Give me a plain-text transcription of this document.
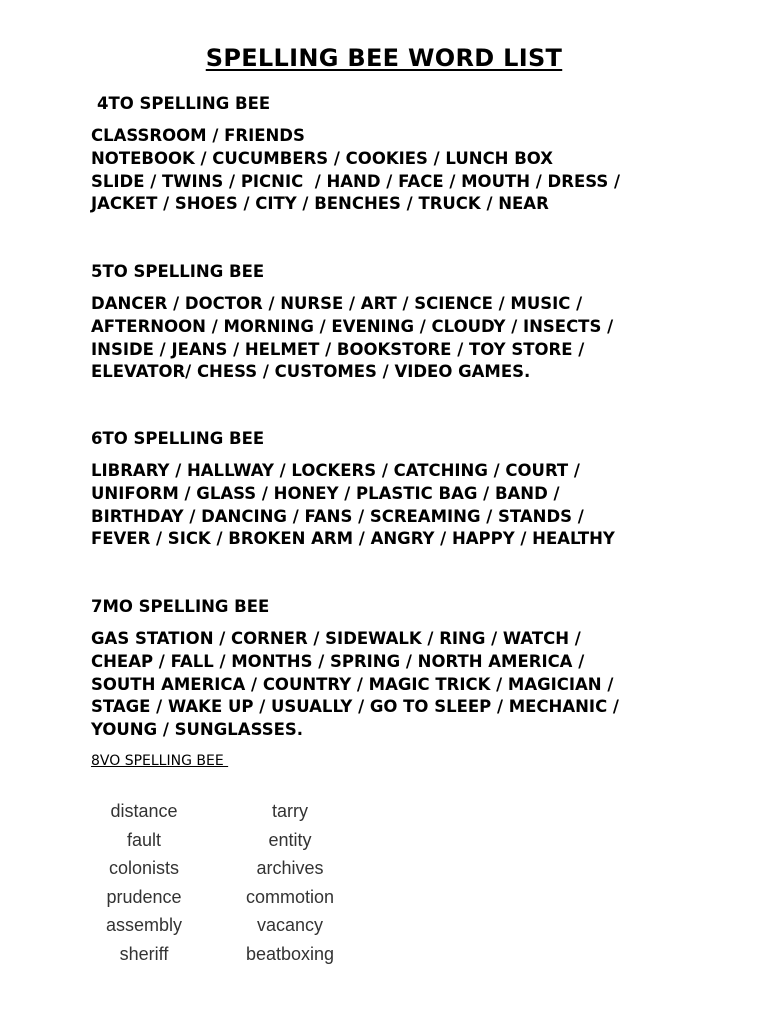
SPELLING BEE WORD LIST
4TO SPELLING BEE
CLASSROOM / FRIENDS
NOTEBOOK / CUCUMBERS / COOKIES / LUNCH BOX
SLIDE / TWINS / PICNIC  / HAND / FACE / MOUTH / DRESS /
JACKET / SHOES / CITY / BENCHES / TRUCK / NEAR
5TO SPELLING BEE
DANCER / DOCTOR / NURSE / ART / SCIENCE / MUSIC /
AFTERNOON / MORNING / EVENING / CLOUDY / INSECTS /
INSIDE / JEANS / HELMET / BOOKSTORE / TOY STORE /
ELEVATOR/ CHESS / CUSTOMES / VIDEO GAMES.
6TO SPELLING BEE
LIBRARY / HALLWAY / LOCKERS / CATCHING / COURT /
UNIFORM / GLASS / HONEY / PLASTIC BAG / BAND /
BIRTHDAY / DANCING / FANS / SCREAMING / STANDS /
FEVER / SICK / BROKEN ARM / ANGRY / HAPPY / HEALTHY
7MO SPELLING BEE
GAS STATION / CORNER / SIDEWALK / RING / WATCH /
CHEAP / FALL / MONTHS / SPRING / NORTH AMERICA /
SOUTH AMERICA / COUNTRY / MAGIC TRICK / MAGICIAN /
STAGE / WAKE UP / USUALLY / GO TO SLEEP / MECHANIC /
YOUNG / SUNGLASSES.
8VO SPELLING BEE
distance
fault
colonists
prudence
assembly
sheriff
tarry
entity
archives
commotion
vacancy
beatboxing
